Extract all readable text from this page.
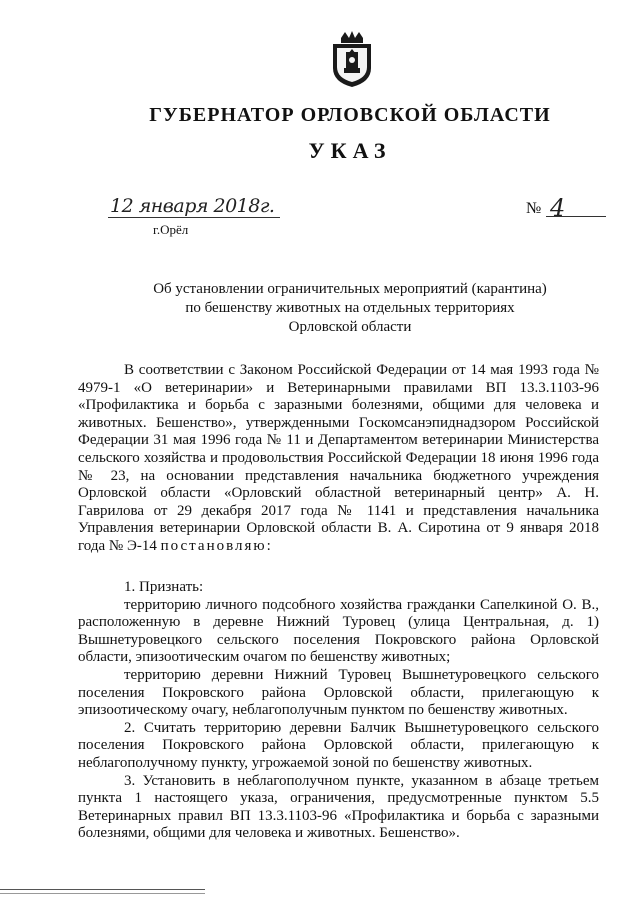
ГУБЕРНАТОР ОРЛОВСКОЙ ОБЛАСТИ
УКАЗ
12 января 2018г.
г.Орёл
№ 4
Об установлении ограничительных мероприятий (карантина) по бешенству животных на отдельных территориях Орловской области
В соответствии с Законом Российской Федерации от 14 мая 1993 года № 4979-1 «О ветеринарии» и Ветеринарными правилами ВП 13.3.1103-96 «Профилактика и борьба с заразными болезнями, общими для человека и животных. Бешенство», утвержденными Госкомсанэпиднадзором Российской Федерации 31 мая 1996 года № 11 и Департаментом ветеринарии Министерства сельского хозяйства и продовольствия Российской Федерации 18 июня 1996 года № 23, на основании представления начальника бюджетного учреждения Орловской области «Орловский областной ветеринарный центр» А. Н. Гаврилова от 29 декабря 2017 года № 1141 и представления начальника Управления ветеринарии Орловской области В. А. Сиротина от 9 января 2018 года № Э-14 постановляю:

1. Признать:

территорию личного подсобного хозяйства гражданки Сапелкиной О. В., расположенную в деревне Нижний Туровец (улица Центральная, д. 1) Вышнетуровецкого сельского поселения Покровского района Орловской области, эпизоотическим очагом по бешенству животных;

территорию деревни Нижний Туровец Вышнетуровецкого сельского поселения Покровского района Орловской области, прилегающую к эпизоотическому очагу, неблагополучным пунктом по бешенству животных.

2. Считать территорию деревни Балчик Вышнетуровецкого сельского поселения Покровского района Орловской области, прилегающую к неблагополучному пункту, угрожаемой зоной по бешенству животных.

3. Установить в неблагополучном пункте, указанном в абзаце третьем пункта 1 настоящего указа, ограничения, предусмотренные пунктом 5.5 Ветеринарных правил ВП 13.3.1103-96 «Профилактика и борьба с заразными болезнями, общими для человека и животных. Бешенство».
